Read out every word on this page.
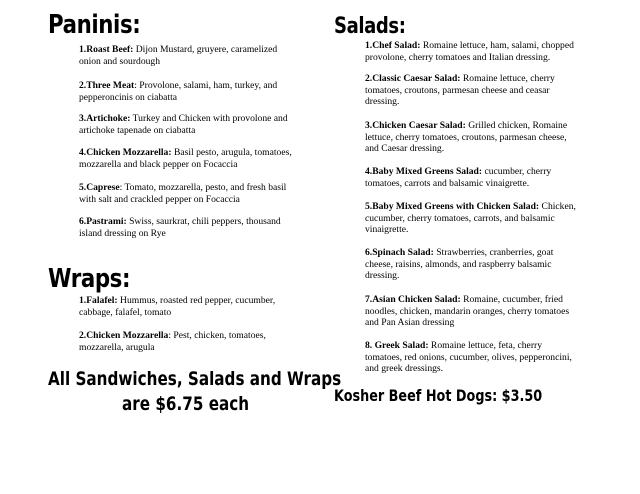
Paninis:
1.Roast Beef: Dijon Mustard, gruyere, caramelized
onion and sourdough
2.Three Meat: Provolone, salami, ham, turkey, and
pepperoncinis on ciabatta
3.Artichoke: Turkey and Chicken with provolone and
artichoke tapenade on ciabatta
4.Chicken Mozzarella: Basil pesto, arugula, tomatoes,
mozzarella and black pepper on Focaccia
5.Caprese: Tomato, mozzarella, pesto, and fresh basil
with salt and crackled pepper on Focaccia
6.Pastrami: Swiss, saurkrat, chili peppers, thousand
island dressing on Rye
Wraps:
1.Falafel: Hummus, roasted red pepper, cucumber,
cabbage, falafel, tomato
2.Chicken Mozzarella: Pest, chicken, tomatoes,
mozzarella, arugula
All Sandwiches, Salads and Wraps
are $6.75 each
Salads:
1.Chef Salad: Romaine lettuce, ham, salami, chopped
provolone, cherry tomatoes and Italian dressing.
2.Classic Caesar Salad: Romaine lettuce, cherry
tomatoes, croutons, parmesan cheese and ceasar
dressing.
3.Chicken Caesar Salad: Grilled chicken, Romaine
lettuce, cherry tomatoes, croutons, parmesan cheese,
and Caesar dressing.
4.Baby Mixed Greens Salad: cucumber, cherry
tomatoes, carrots and balsamic vinaigrette.
5.Baby Mixed Greens with Chicken Salad: Chicken,
cucumber, cherry tomatoes, carrots, and balsamic
vinaigrette.
6.Spinach Salad: Strawberries, cranberries, goat
cheese, raisins, almonds, and raspberry balsamic
dressing.
7.Asian Chicken Salad: Romaine, cucumber, fried
noodles, chicken, mandarin oranges, cherry tomatoes
and Pan Asian dressing
8. Greek Salad: Romaine lettuce, feta, cherry
tomatoes, red onions, cucumber, olives, pepperoncini,
and greek dressings.
Kosher Beef Hot Dogs: $3.50
